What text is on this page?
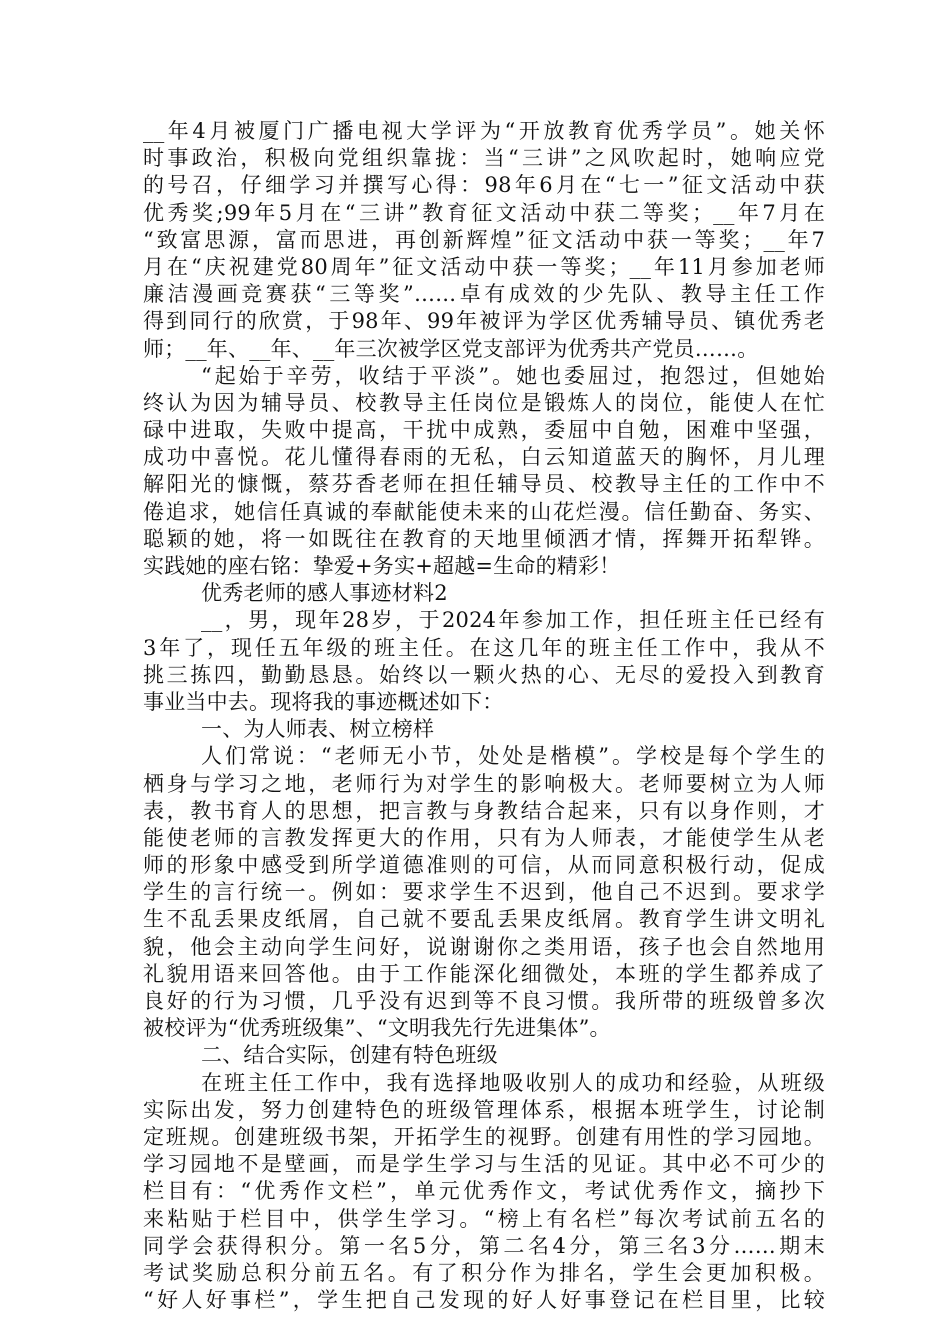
__年4月被厦门广播电视大学评为“开放教育优秀学员”。她关怀
时事政治，积极向党组织靠拢：当“三讲”之风吹起时，她响应党
的号召，仔细学习并撰写心得：98年6月在“七一”征文活动中获
优秀奖;99年5月在“三讲”教育征文活动中获二等奖；__年7月在
“致富思源，富而思进，再创新辉煌”征文活动中获一等奖；__年7
月在“庆祝建党80周年”征文活动中获一等奖；__年11月参加老师
廉洁漫画竞赛获“三等奖”……卓有成效的少先队、教导主任工作
得到同行的欣赏，于98年、99年被评为学区优秀辅导员、镇优秀老
师；__年、__年、__年三次被学区党支部评为优秀共产党员……。
“起始于辛劳，收结于平淡”。她也委屈过，抱怨过，但她始
终认为因为辅导员、校教导主任岗位是锻炼人的岗位，能使人在忙
碌中进取，失败中提高，干扰中成熟，委屈中自勉，困难中坚强，
成功中喜悦。花儿懂得春雨的无私，白云知道蓝天的胸怀，月儿理
解阳光的慷慨，蔡芬香老师在担任辅导员、校教导主任的工作中不
倦追求，她信任真诚的奉献能使未来的山花烂漫。信任勤奋、务实、
聪颖的她，将一如既往在教育的天地里倾洒才情，挥舞开拓犁铧。
实践她的座右铭：挚爱+务实+超越=生命的精彩！
优秀老师的感人事迹材料2
__，男，现年28岁，于2024年参加工作，担任班主任已经有
3年了，现任五年级的班主任。在这几年的班主任工作中，我从不
挑三拣四，勤勤恳恳。始终以一颗火热的心、无尽的爱投入到教育
事业当中去。现将我的事迹概述如下：
一、为人师表、树立榜样
人们常说：“老师无小节，处处是楷模”。学校是每个学生的
栖身与学习之地，老师行为对学生的影响极大。老师要树立为人师
表，教书育人的思想，把言教与身教结合起来，只有以身作则，才
能使老师的言教发挥更大的作用，只有为人师表，才能使学生从老
师的形象中感受到所学道德准则的可信，从而同意积极行动，促成
学生的言行统一。例如：要求学生不迟到，他自己不迟到。要求学
生不乱丢果皮纸屑，自己就不要乱丢果皮纸屑。教育学生讲文明礼
貌，他会主动向学生问好，说谢谢你之类用语，孩子也会自然地用
礼貌用语来回答他。由于工作能深化细微处，本班的学生都养成了
良好的行为习惯，几乎没有迟到等不良习惯。我所带的班级曾多次
被校评为“优秀班级集”、“文明我先行先进集体”。
二、结合实际，创建有特色班级
在班主任工作中，我有选择地吸收别人的成功和经验，从班级
实际出发，努力创建特色的班级管理体系，根据本班学生，讨论制
定班规。创建班级书架，开拓学生的视野。创建有用性的学习园地。
学习园地不是壁画，而是学生学习与生活的见证。其中必不可少的
栏目有：“优秀作文栏”，单元优秀作文，考试优秀作文，摘抄下
来粘贴于栏目中，供学生学习。“榜上有名栏”每次考试前五名的
同学会获得积分。第一名5分，第二名4分，第三名3分……期末
考试奖励总积分前五名。有了积分作为排名，学生会更加积极。
“好人好事栏”，学生把自己发现的好人好事登记在栏目里，比较
